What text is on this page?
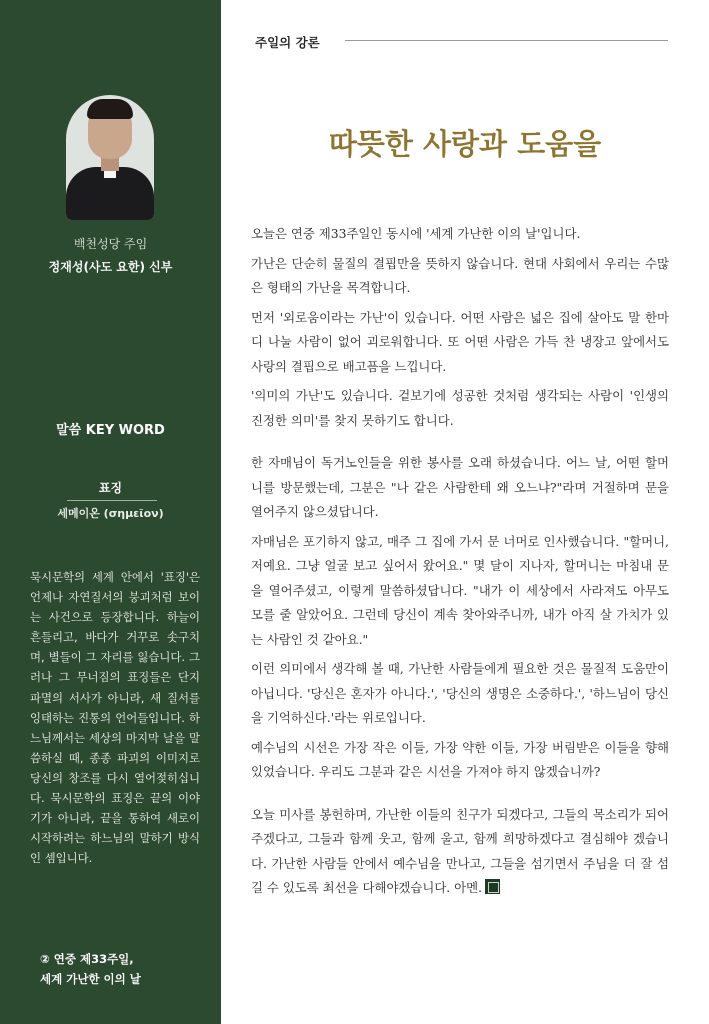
백천성당 주임
정재성(사도 요한) 신부
말씀 KEY WORD
표징
세메이온 (σημεῖον)
묵시문학의 세계 안에서 '표징'은 언제나 자연질서의 붕괴처럼 보이는 사건으로 등장합니다. 하늘이 흔들리고, 바다가 거꾸로 솟구치며, 별들이 그 자리를 잃습니다. 그러나 그 무너짐의 표징들은 단지 파멸의 서사가 아니라, 새 질서를 잉태하는 진통의 언어들입니다. 하느님께서는 세상의 마지막 날을 말씀하실 때, 종종 파괴의 이미지로 당신의 창조를 다시 열어젖히십니다. 묵시문학의 표징은 끝의 이야기가 아니라, 끝을 통하여 새로이 시작하려는 하느님의 말하기 방식인 셈입니다.
② 연중 제33주일,
세계 가난한 이의 날
주일의 강론
따뜻한 사랑과 도움을

오늘은 연중 제33주일인 동시에 '세계 가난한 이의 날'입니다.

가난은 단순히 물질의 결핍만을 뜻하지 않습니다. 현대 사회에서 우리는 수많은 형태의 가난을 목격합니다.

먼저 '외로움이라는 가난'이 있습니다. 어떤 사람은 넓은 집에 살아도 말 한마디 나눌 사람이 없어 괴로워합니다. 또 어떤 사람은 가득 찬 냉장고 앞에서도 사랑의 결핍으로 배고픔을 느낍니다.

'의미의 가난'도 있습니다. 겉보기에 성공한 것처럼 생각되는 사람이 '인생의 진정한 의미'를 찾지 못하기도 합니다.

한 자매님이 독거노인들을 위한 봉사를 오래 하셨습니다. 어느 날, 어떤 할머니를 방문했는데, 그분은 "나 같은 사람한테 왜 오느냐?"라며 거절하며 문을 열어주지 않으셨답니다.

자매님은 포기하지 않고, 매주 그 집에 가서 문 너머로 인사했습니다. "할머니, 저예요. 그냥 얼굴 보고 싶어서 왔어요." 몇 달이 지나자, 할머니는 마침내 문을 열어주셨고, 이렇게 말씀하셨답니다. "내가 이 세상에서 사라져도 아무도 모를 줄 알았어요. 그런데 당신이 계속 찾아와주니까, 내가 아직 살 가치가 있는 사람인 것 같아요."

이런 의미에서 생각해 볼 때, 가난한 사람들에게 필요한 것은 물질적 도움만이 아닙니다. '당신은 혼자가 아니다.', '당신의 생명은 소중하다.', '하느님이 당신을 기억하신다.'라는 위로입니다.

예수님의 시선은 가장 작은 이들, 가장 약한 이들, 가장 버림받은 이들을 향해 있었습니다. 우리도 그분과 같은 시선을 가져야 하지 않겠습니까?

오늘 미사를 봉헌하며, 가난한 이들의 친구가 되겠다고, 그들의 목소리가 되어주겠다고, 그들과 함께 웃고, 함께 울고, 함께 희망하겠다고 결심해야 겠습니다. 가난한 사람들 안에서 예수님을 만나고, 그들을 섬기면서 주님을 더 잘 섬길 수 있도록 최선을 다해야겠습니다. 아멘.
